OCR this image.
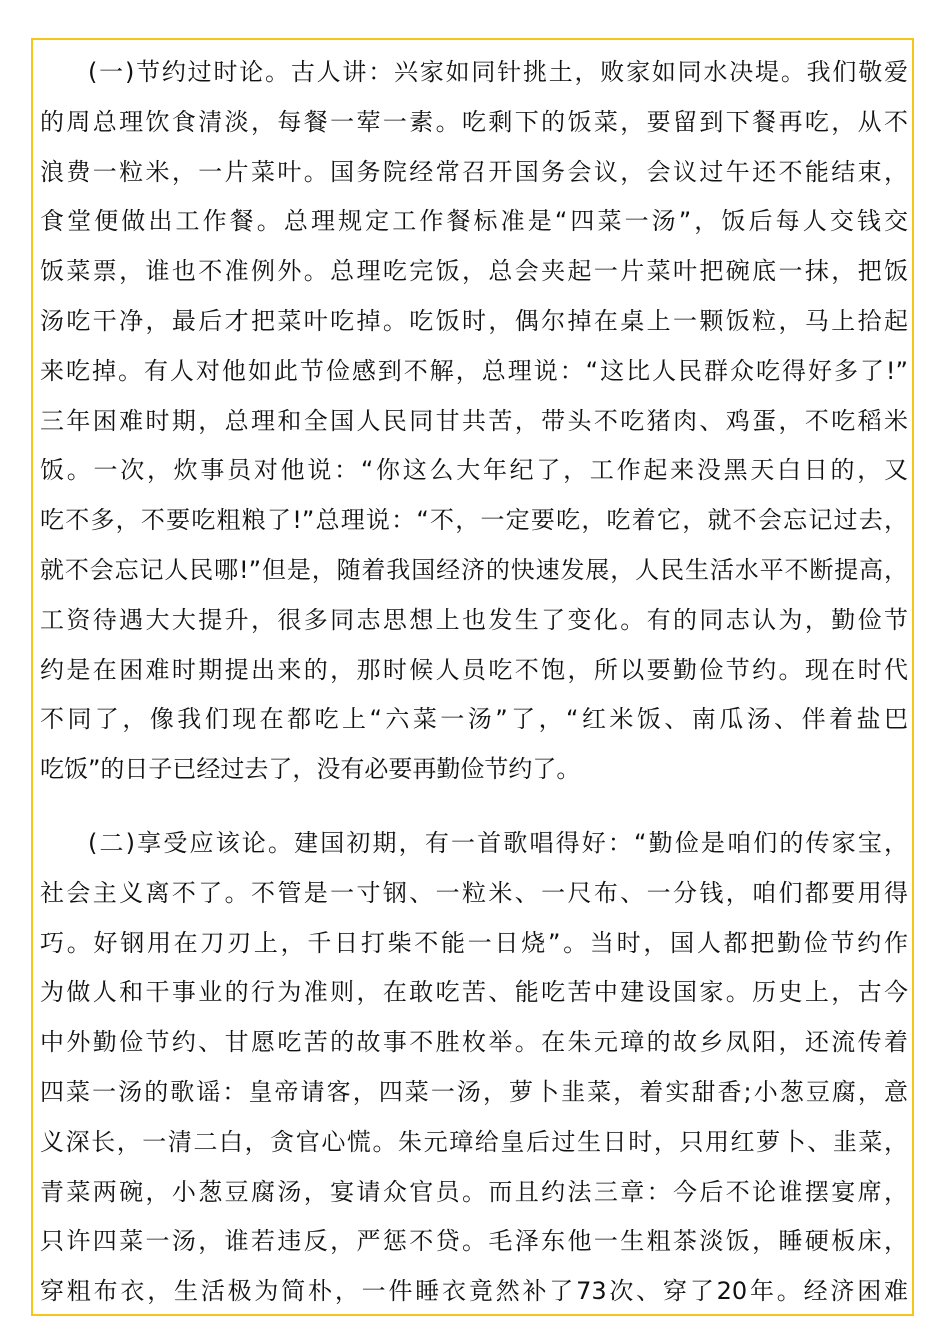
(一)节约过时论。古人讲：兴家如同针挑土，败家如同水决堤。我们敬爱
的周总理饮食清淡，每餐一荤一素。吃剩下的饭菜，要留到下餐再吃，从不
浪费一粒米，一片菜叶。国务院经常召开国务会议，会议过午还不能结束，
食堂便做出工作餐。总理规定工作餐标准是“四菜一汤”，饭后每人交钱交
饭菜票，谁也不准例外。总理吃完饭，总会夹起一片菜叶把碗底一抹，把饭
汤吃干净，最后才把菜叶吃掉。吃饭时，偶尔掉在桌上一颗饭粒，马上拾起
来吃掉。有人对他如此节俭感到不解，总理说：“这比人民群众吃得好多了!”
三年困难时期，总理和全国人民同甘共苦，带头不吃猪肉、鸡蛋，不吃稻米
饭。一次，炊事员对他说：“你这么大年纪了，工作起来没黑天白日的，又
吃不多，不要吃粗粮了!”总理说：“不，一定要吃，吃着它，就不会忘记过去，
就不会忘记人民哪!”但是，随着我国经济的快速发展，人民生活水平不断提高，
工资待遇大大提升，很多同志思想上也发生了变化。有的同志认为，勤俭节
约是在困难时期提出来的，那时候人员吃不饱，所以要勤俭节约。现在时代
不同了，像我们现在都吃上“六菜一汤”了，“红米饭、南瓜汤、伴着盐巴
吃饭”的日子已经过去了，没有必要再勤俭节约了。
(二)享受应该论。建国初期，有一首歌唱得好：“勤俭是咱们的传家宝，
社会主义离不了。不管是一寸钢、一粒米、一尺布、一分钱，咱们都要用得
巧。好钢用在刀刃上，千日打柴不能一日烧”。当时，国人都把勤俭节约作
为做人和干事业的行为准则，在敢吃苦、能吃苦中建设国家。历史上，古今
中外勤俭节约、甘愿吃苦的故事不胜枚举。在朱元璋的故乡凤阳，还流传着
四菜一汤的歌谣：皇帝请客，四菜一汤，萝卜韭菜，着实甜香;小葱豆腐，意
义深长，一清二白，贪官心慌。朱元璋给皇后过生日时，只用红萝卜、韭菜，
青菜两碗，小葱豆腐汤，宴请众官员。而且约法三章：今后不论谁摆宴席，
只许四菜一汤，谁若违反，严惩不贷。毛泽东他一生粗茶淡饭，睡硬板床，
穿粗布衣，生活极为简朴，一件睡衣竟然补了73次、穿了20年。经济困难
